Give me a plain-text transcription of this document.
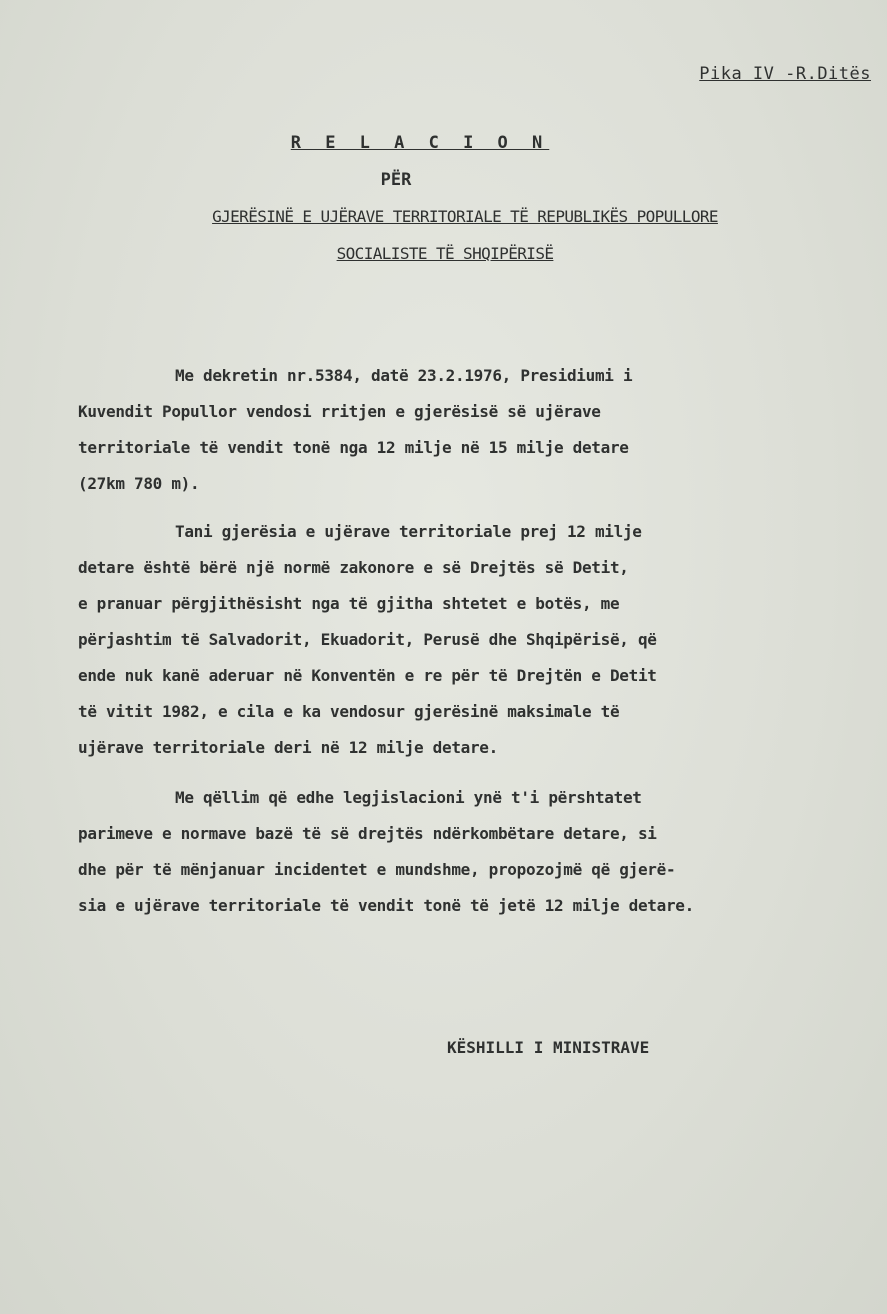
Pika IV -R.Ditës
R E L A C I O N
PËR
GJERËSINË E UJËRAVE TERRITORIALE TË REPUBLIKËS POPULLORE
SOCIALISTE TË SHQIPËRISË
Me dekretin nr.5384, datë 23.2.1976, Presidiumi i
Kuvendit Popullor vendosi rritjen e gjerësisë së ujërave
territoriale të vendit tonë nga 12 milje në 15 milje detare
(27km 780 m).
Tani gjerësia e ujërave territoriale prej 12 milje
detare është bërë një normë zakonore e së Drejtës së Detit,
e pranuar përgjithësisht nga të gjitha shtetet e botës, me
përjashtim të Salvadorit, Ekuadorit, Perusë dhe Shqipërisë, që
ende nuk kanë aderuar në Konventën e re për të Drejtën e Detit
të vitit 1982, e cila e ka vendosur gjerësinë maksimale të
ujërave territoriale deri në 12 milje detare.
Me qëllim që edhe legjislacioni ynë t'i përshtatet
parimeve e normave bazë të së drejtës ndërkombëtare detare, si
dhe për të mënjanuar incidentet e mundshme, propozojmë që gjerë-
sia e ujërave territoriale të vendit tonë të jetë 12 milje detare.
KËSHILLI I MINISTRAVE
